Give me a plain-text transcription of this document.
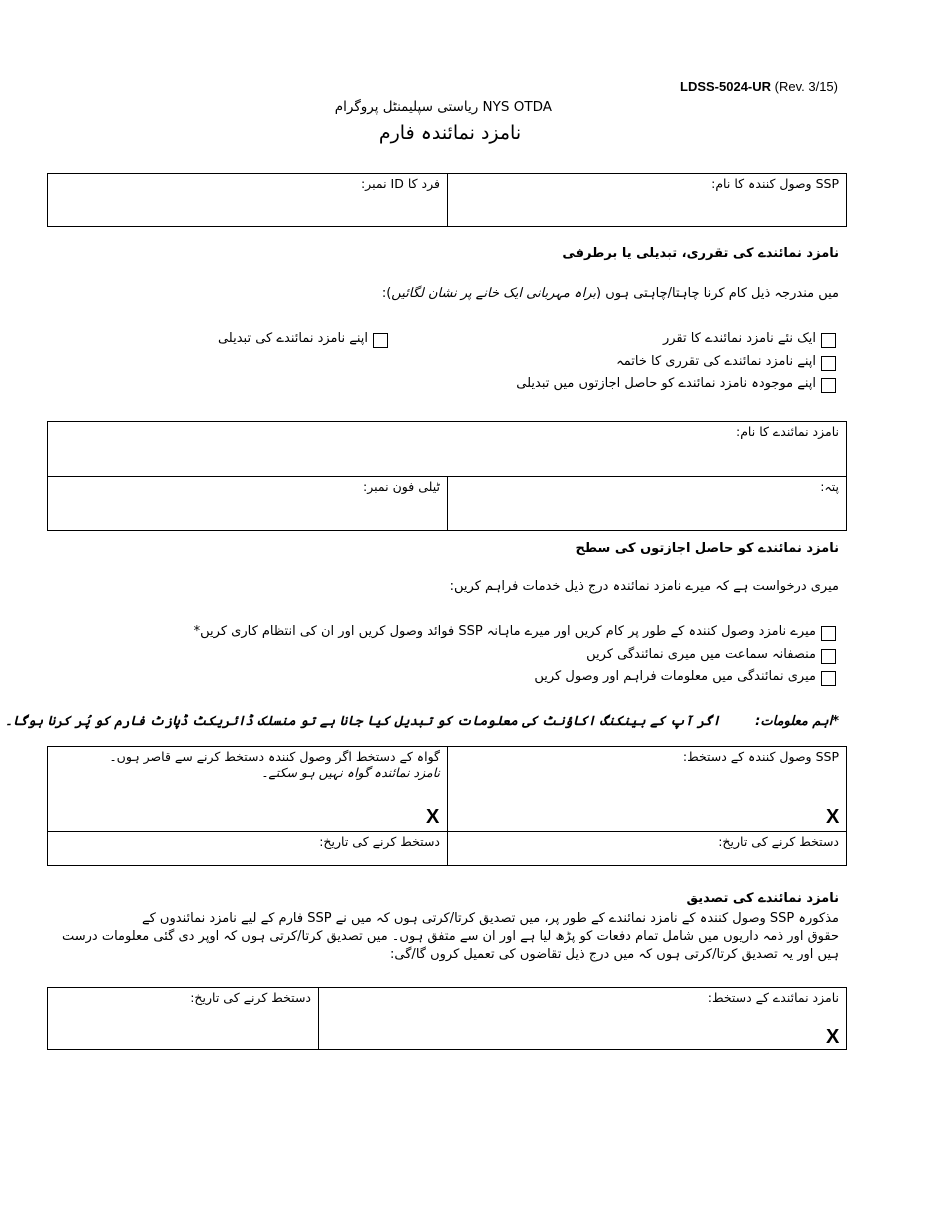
LDSS-5024-UR (Rev. 3/15)
NYS OTDA ریاستی سپلیمنٹل پروگرام
نامزد نمائندہ فارم
SSP وصول کنندہ کا نام:
فرد کا ID نمبر:
نامزد نمائندے کی تقرری، تبدیلی یا برطرفی
میں مندرجہ ذیل کام کرنا چاہتا/چاہتی ہوں (براہ مہربانی ایک خانے پر نشان لگائیں):
ایک نئے نامزد نمائندے کا تقرر
اپنے نامزد نمائندے کی تقرری کا خاتمہ
اپنے موجودہ نامزد نمائندے کو حاصل اجازتوں میں تبدیلی
اپنے نامزد نمائندے کی تبدیلی
نامزد نمائندے کا نام:
پتہ:
ٹیلی فون نمبر:
نامزد نمائندے کو حاصل اجازتوں کی سطح
میری درخواست ہے کہ میرے نامزد نمائندہ درج ذیل خدمات فراہم کریں:
میرے نامزد وصول کنندہ کے طور پر کام کریں اور میرے ماہانہ SSP فوائد وصول کریں اور ان کی انتظام کاری کریں*
منصفانہ سماعت میں میری نمائندگی کریں
میری نمائندگی میں معلومات فراہم اور وصول کریں
*اہم معلومات:  اگر آپ کے بینکنگ اکاؤنٹ کی معلومات کو تبدیل کیا جانا ہے تو منسلک ڈائریکٹ ڈپازٹ فارم کو پُر کرنا ہوگا۔
SSP وصول کنندہ کے دستخط:
X
گواہ کے دستخط اگر وصول کنندہ دستخط کرنے سے قاصر ہوں۔نامزد نمائندہ گواہ نہیں ہو سکتے۔
X
دستخط کرنے کی تاریخ:
دستخط کرنے کی تاریخ:
نامزد نمائندے کی تصدیق
مذکورہ SSP وصول کنندہ کے نامزد نمائندے کے طور پر، میں تصدیق کرتا/کرتی ہوں کہ میں نے SSP فارم کے لیے نامزد نمائندوں کے
حقوق اور ذمہ داریوں میں شامل تمام دفعات کو پڑھ لیا ہے اور ان سے متفق ہوں۔ میں تصدیق کرتا/کرتی ہوں کہ اوپر دی گئی معلومات درست
ہیں اور یہ تصدیق کرتا/کرتی ہوں کہ میں درج ذیل تقاضوں کی تعمیل کروں گا/گی:
نامزد نمائندے کے دستخط:
X
دستخط کرنے کی تاریخ:
